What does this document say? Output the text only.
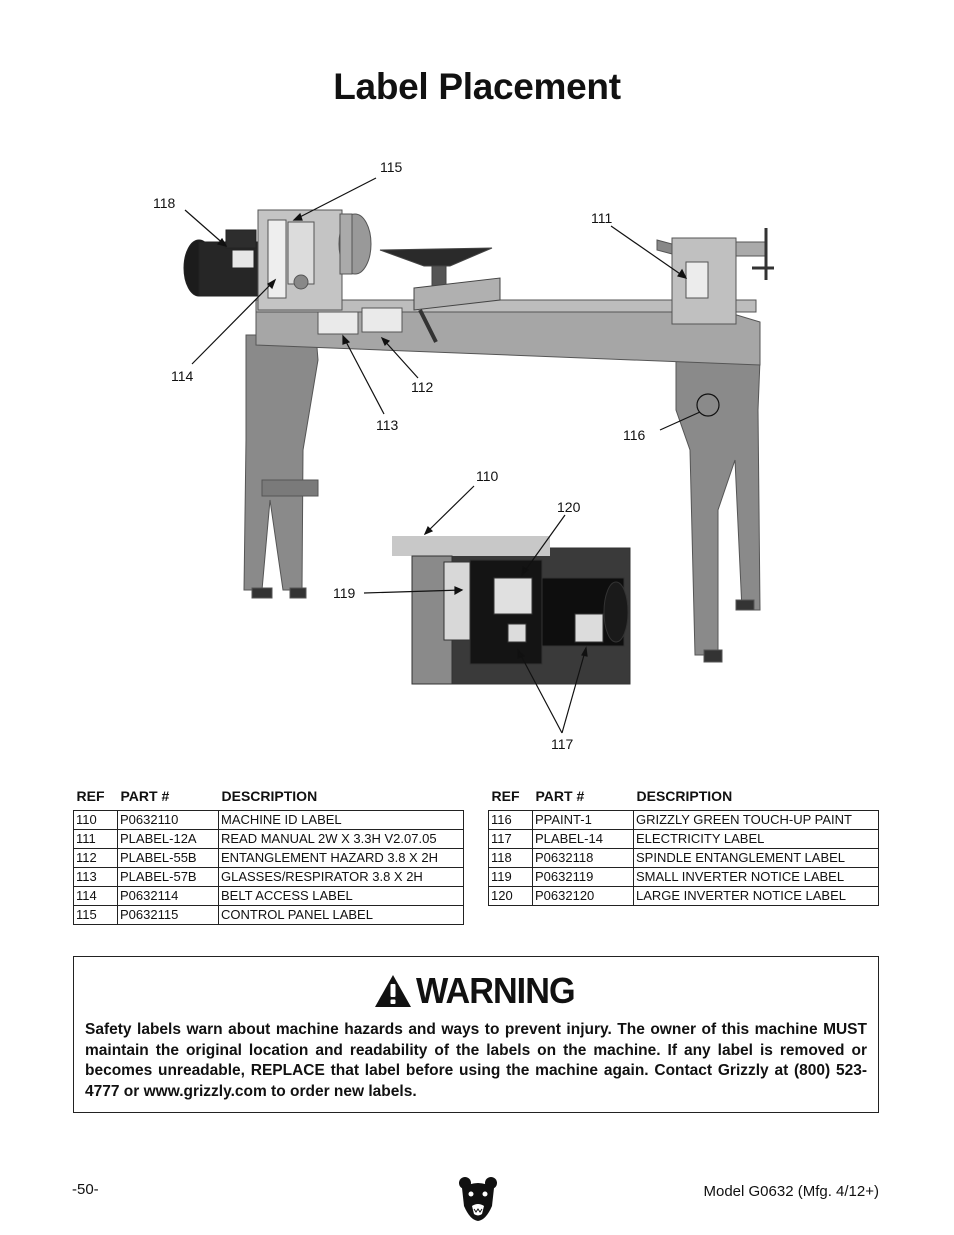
Label Placement
115
118
111
114
112
113
116
110
120
119
117
REF	PART #	DESCRIPTION
110	P0632110	MACHINE ID LABEL
111	PLABEL-12A	READ MANUAL 2W X 3.3H V2.07.05
112	PLABEL-55B	ENTANGLEMENT HAZARD 3.8 X 2H
113	PLABEL-57B	GLASSES/RESPIRATOR 3.8 X 2H
114	P0632114	BELT ACCESS LABEL
115	P0632115	CONTROL PANEL LABEL
REF	PART #	DESCRIPTION
116	PPAINT-1	GRIZZLY GREEN TOUCH-UP PAINT
117	PLABEL-14	ELECTRICITY LABEL
118	P0632118	SPINDLE ENTANGLEMENT LABEL
119	P0632119	SMALL INVERTER NOTICE LABEL
120	P0632120	LARGE INVERTER NOTICE LABEL
WARNING

Safety labels warn about machine hazards and ways to prevent injury. The owner of this machine MUST maintain the original location and readability of the labels on the machine. If any label is removed or becomes unreadable, REPLACE that label before using the machine again. Contact Grizzly at (800) 523-4777 or www.grizzly.com to order new labels.

-50-	Model G0632 (Mfg. 4/12+)
